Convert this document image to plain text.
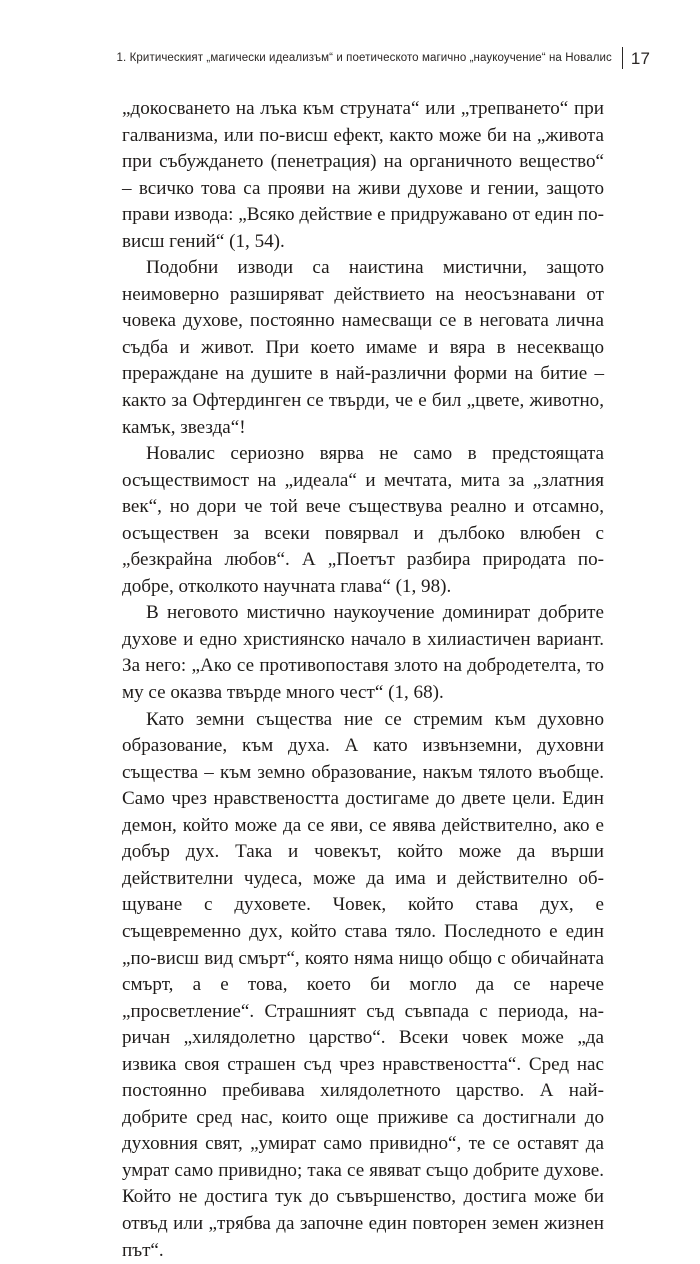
1. Критическият „магически идеализъм“ и поетическото магично „наукоучение“ на Новалис 17

„докосването на лъка към струната“ или „трепването“ при галванизма, или по-висш ефект, както може би на „живота при събуждането (пенетрация) на органичното вещество“ – всичко това са прояви на живи духове и гении, защото прави извода: „Всяко действие е придружавано от един по-висш гений“ (1, 54).

Подобни изводи са наистина мистични, защото неимоверно разширяват действието на неосъзнавани от човека духове, постоянно намесващи се в неговата лична съдба и живот. При което имаме и вяра в несекващо прераждане на душите в най-различни форми на битие – както за Офтердинген се твърди, че е бил „цвете, животно, камък, звезда“!

Новалис сериозно вярва не само в предстоящата осъществимост на „идеала“ и мечтата, мита за „златния век“, но дори че той вече съществува реално и отсамно, осъществен за всеки повярвал и дълбоко влюбен с „безкрайна любов“. А „Поетът разбира природата по-добре, отколкото научната глава“ (1, 98).

В неговото мистично наукоучение доминират добрите духове и едно християнско начало в хилиастичен вариант. За него: „Ако се противопоставя злото на добродетелта, то му се оказва твърде много чест“ (1, 68).

Като земни същества ние се стремим към духовно образование, към духа. А като извънземни, духовни същества – към земно образование, накъм тялото въобще. Само чрез нравствеността достигаме до двете цели. Един демон, който може да се яви, се явява действително, ако е добър дух. Така и човекът, който може да върши действителни чудеса, може да има и действително общуване с духовете. Човек, който става дух, е същевременно дух, който става тяло. Последното е един „по-висш вид смърт“, която няма нищо общо с обичайната смърт, а е това, което би могло да се нарече „просветление“. Страшният съд съвпада с периода, наричан „хилядолетно царство“. Всеки човек може „да извика своя страшен съд чрез нравствеността“. Сред нас постоянно пребивава хилядолетното царство. А най-добрите сред нас, които още приживе са достигнали до духовния свят, „умират само привидно“, те се оставят да умрат само привидно; така се явяват също добрите духове. Който не достига тук до съвършенство, достига може би отвъд или „трябва да започне един повторен земен жизнен път“.
